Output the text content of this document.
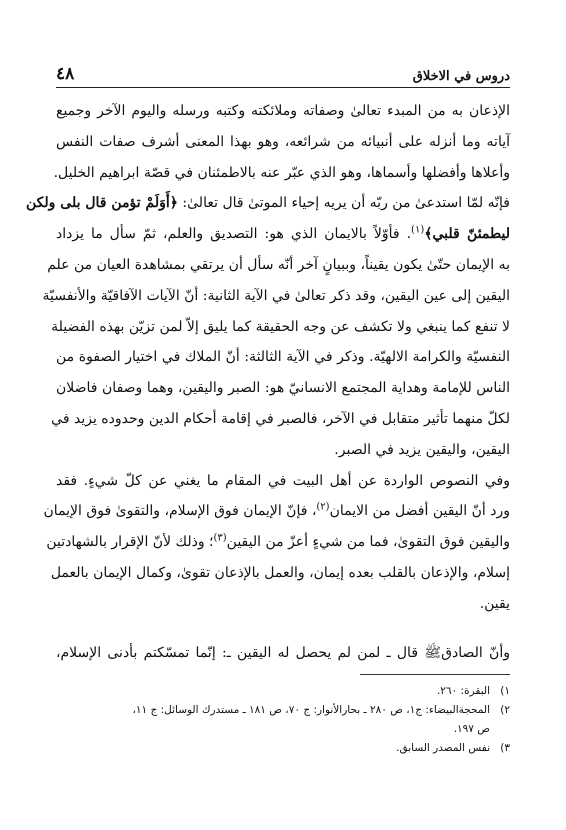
دروس في الاخلاق
٤٨
الإذعان به من المبدء تعالىٰ وصفاته وملائكته وكتبه ورسله واليوم الآخر وجميع
آياته وما أنزله على أنبيائه من شرائعه، وهو بهذا المعنى أشرف صفات النفس
وأعلاها وأفضلها وأسماها، وهو الذي عبّر عنه بالاطمئنان في قصّة ابراهيم الخليل.
فإنّه لمّا استدعىٰ من ربّه أن يريه إحياء الموتىٰ قال تعالىٰ: ﴿أَوَلَمْ تؤمن قال بلى ولكن
ليطمئنّ قلبي﴾$^{(١)}$. فأوّلاً بالايمان الذي هو: التصديق والعلم، ثمّ سأل ما يزداد
به الإيمان حتّىٰ يكون يقيناً، وببيانٍ آخر أنّه سأل أن يرتقي بمشاهدة العيان من علم
اليقين إلى عين اليقين، وقد ذكر تعالىٰ في الآية الثانية: أنّ الآيات الآفاقيّة والأنفسيّة
لا تنفع كما ينبغي ولا تكشف عن وجه الحقيقة كما يليق إلاّ لمن تزيّن بهذه الفضيلة
النفسيّة والكرامة الالهيّة. وذكر في الآية الثالثة: أنّ الملاك في اختيار الصفوة من
الناس للإمامة وهداية المجتمع الانسانيّ هو: الصبر واليقين، وهما وصفان فاضلان
لكلّ منهما تأثير متقابل في الآخر، فالصبر في إقامة أحكام الدين وحدوده يزيد في
اليقين، واليقين يزيد في الصبر.
وفي النصوص الواردة عن أهل البيت في المقام ما يغني عن كلّ شيءٍ. فقد
ورد أنّ اليقين أفضل من الايمان$^{(٢)}$، فإنّ الإيمان فوق الإسلام، والتقوىٰ فوق الإيمان
واليقين فوق التقوىٰ، فما من شيءٍ أعزّ من اليقين$^{(٣)}$؛ وذلك لأنّ الإقرار بالشهادتين
إسلام، والإذعان بالقلب بعده إيمان، والعمل بالإذعان تقوىٰ، وكمال الإيمان بالعمل
يقين.
وأنّ الصادقﷺ قال ـ لمن لم يحصل له اليقين ـ: إنّما تمسّكتم بأدنى الإسلام،
١)البقرة: ٢٦٠.
٢)المحجةالبيضاء: ج١، ص ٢٨٠ ـ بحارالأنوار: ج ٧٠، ص ١٨١ ـ مستدرك الوسائل: ج ١١،
ص ١٩٧.
٣)نفس المصدر السابق.
